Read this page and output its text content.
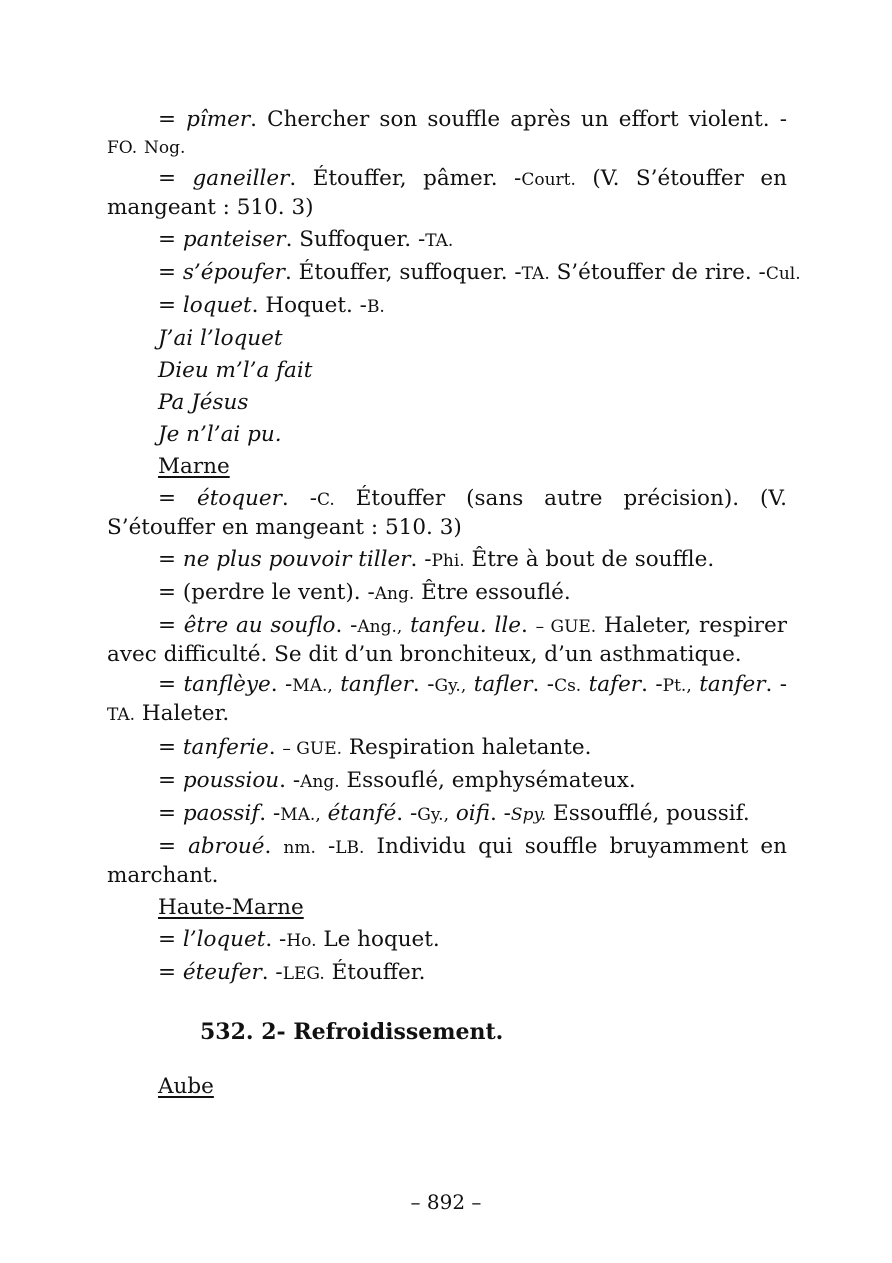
= pîmer. Chercher son souffle après un effort violent. -FO. Nog.
= ganeiller. Étouffer, pâmer. -Court. (V. S’étouffer en mangeant : 510. 3)
= panteiser. Suffoquer. -TA.
= s’époufer. Étouffer, suffoquer. -TA. S’étouffer de rire. -Cul.
= loquet. Hoquet. -B.
J’ai l’loquet
Dieu m’l’a fait
Pa Jésus
Je n’l’ai pu.
Marne
= étoquer. -C. Étouffer (sans autre précision). (V. S’étouffer en mangeant : 510. 3)
= ne plus pouvoir tiller. -Phi. Être à bout de souffle.
= (perdre le vent). -Ang. Être essouflé.
= être au souflo. -Ang., tanfeu. lle. – GUE. Haleter, respirer avec difficulté. Se dit d’un bronchiteux, d’un asthmatique.
= tanflèye. -MA., tanfler. -Gy., tafler. -Cs. tafer. -Pt., tanfer. -TA. Haleter.
= tanferie. – GUE. Respiration haletante.
= poussiou. -Ang. Essouflé, emphysémateux.
= paossif. -MA., étanfé. -Gy., oifi. -Spy. Essoufflé, poussif.
= abroué. nm. -LB. Individu qui souffle bruyamment en marchant.
Haute-Marne
= l’loquet. -Ho. Le hoquet.
= éteufer. -LEG. Étouffer.
532. 2- Refroidissement.
Aube
– 892 –
